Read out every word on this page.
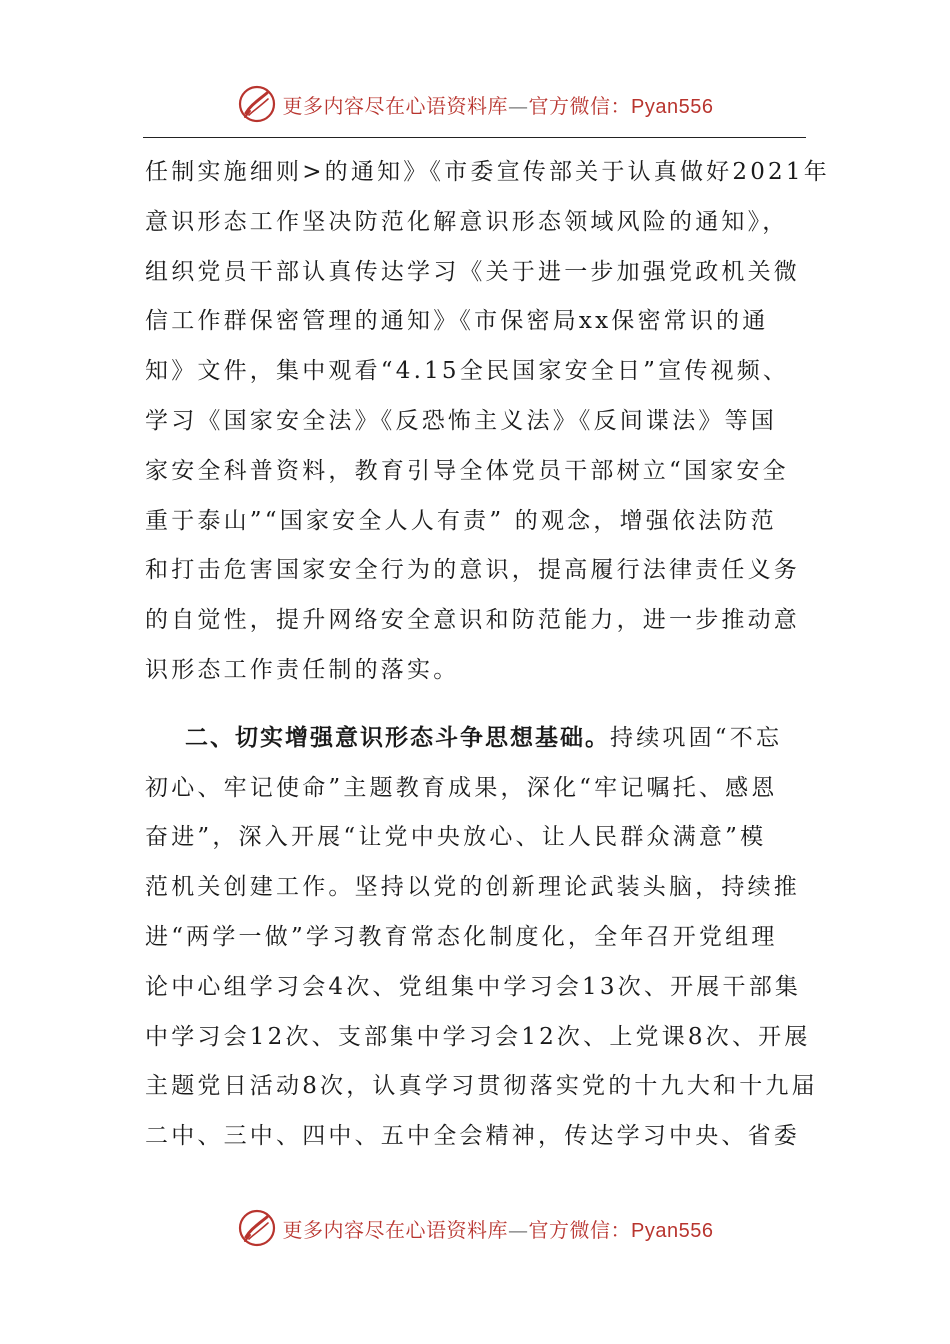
更多内容尽在心语资料库—官方微信：Pyan556
任制实施细则>的通知》《市委宣传部关于认真做好2021年
意识形态工作坚决防范化解意识形态领域风险的通知》，
组织党员干部认真传达学习《关于进一步加强党政机关微
信工作群保密管理的通知》《市保密局xx保密常识的通
知》文件，集中观看“4.15全民国家安全日”宣传视频、
学习《国家安全法》《反恐怖主义法》《反间谍法》等国
家安全科普资料，教育引导全体党员干部树立“国家安全
重于泰山”“国家安全人人有责” 的观念，增强依法防范
和打击危害国家安全行为的意识，提高履行法律责任义务
的自觉性，提升网络安全意识和防范能力，进一步推动意
识形态工作责任制的落实。
二、切实增强意识形态斗争思想基础。持续巩固“不忘
初心、牢记使命”主题教育成果，深化“牢记嘱托、感恩
奋进”，深入开展“让党中央放心、让人民群众满意”模
范机关创建工作。坚持以党的创新理论武装头脑，持续推
进“两学一做”学习教育常态化制度化，全年召开党组理
论中心组学习会4次、党组集中学习会13次、开展干部集
中学习会12次、支部集中学习会12次、上党课8次、开展
主题党日活动8次，认真学习贯彻落实党的十九大和十九届
二中、三中、四中、五中全会精神，传达学习中央、省委
更多内容尽在心语资料库—官方微信：Pyan556
